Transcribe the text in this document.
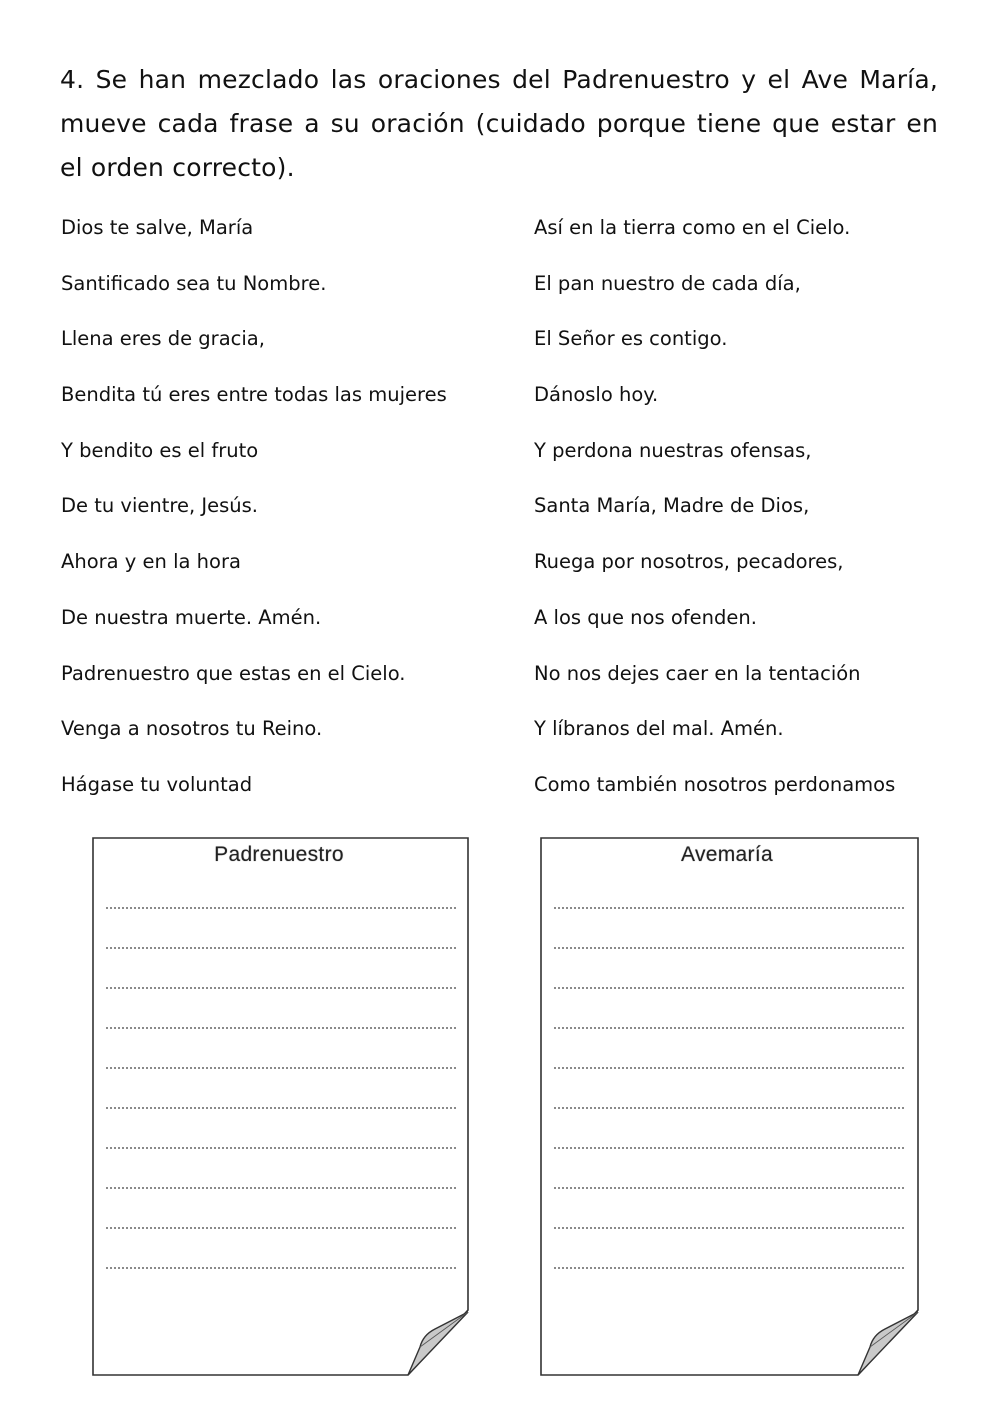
4. Se han mezclado las oraciones del Padrenuestro y el Ave María, mueve cada frase a su oración (cuidado porque tiene que estar en el orden correcto).

Dios te salve, María
Santificado sea tu Nombre.
Llena eres de gracia,
Bendita tú eres entre todas las mujeres
Y bendito es el fruto
De tu vientre, Jesús.
Ahora y en la hora
De nuestra muerte. Amén.
Padrenuestro que estas en el Cielo.
Venga a nosotros tu Reino.
Hágase tu voluntad
Así en la tierra como en el Cielo.
El pan nuestro de cada día,
El Señor es contigo.
Dánoslo hoy.
Y perdona nuestras ofensas,
Santa María, Madre de Dios,
Ruega por nosotros, pecadores,
A los que nos ofenden.
No nos dejes caer en la tentación
Y líbranos del mal. Amén.
Como también nosotros perdonamos
Padrenuestro	Avemaría
